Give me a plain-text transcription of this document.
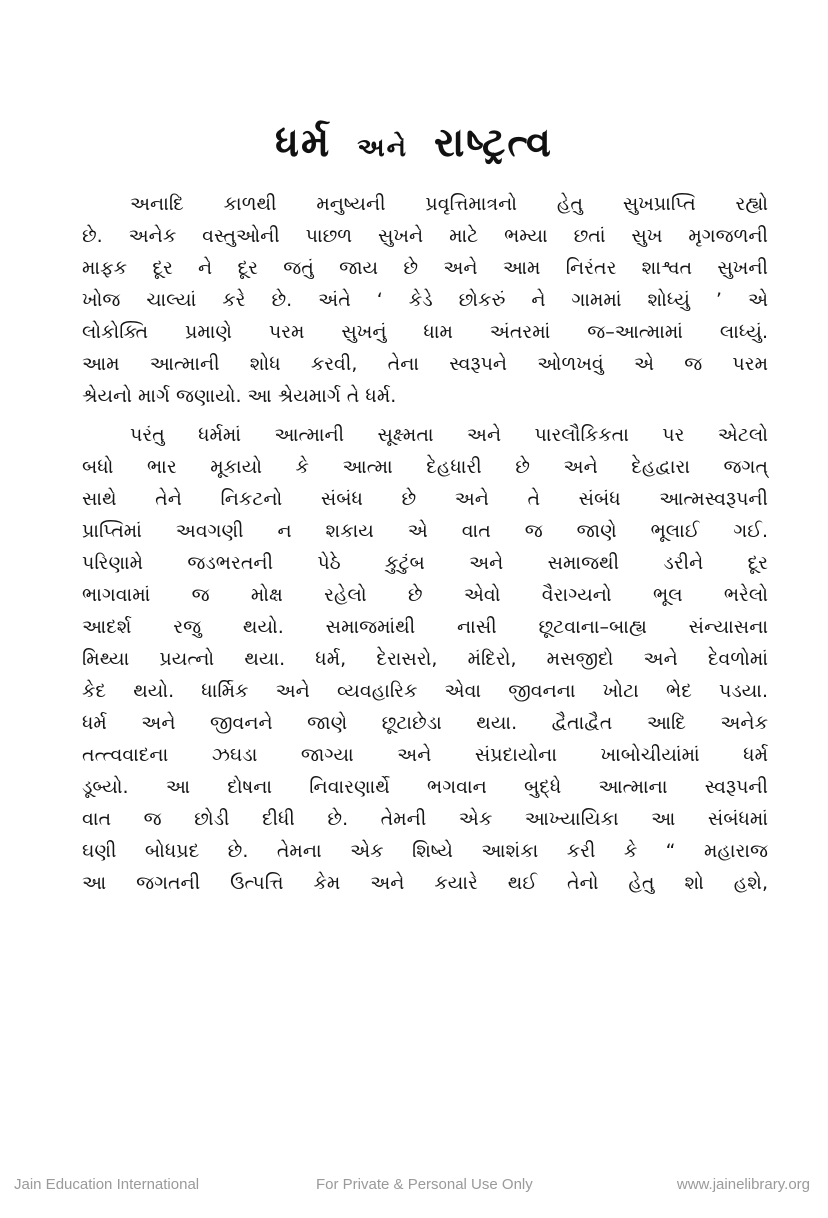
ધર્મ અને રાષ્ટ્રત્વ
અનાદિ કાળથી મનુષ્યની પ્રવૃત્તિમાત્રનો હેતુ સુખપ્રાપ્તિ રહ્યો
છે. અનેક વસ્તુઓની પાછળ સુખને માટે ભમ્યા છતાં સુખ મૃગજળની
માફક દૂર ને દૂર જતું જાય છે અને આમ નિરંતર શાશ્વત સુખની
ખોજ ચાલ્યાં કરે છે. અંતે ‘ કેડે છોકરું ને ગામમાં શોધ્યું ’ એ
લોકોક્તિ પ્રમાણે પરમ સુખનું ધામ અંતરમાં જ–આત્મામાં લાધ્યું.
આમ આત્માની શોધ કરવી, તેના સ્વરૂપને ઓળખવું એ જ પરમ
શ્રેયનો માર્ગ જણાયો. આ શ્રેયમાર્ગ તે ધર્મ.
પરંતુ ધર્મમાં આત્માની સૂક્ષ્મતા અને પારલૌકિકતા પર એટલો
બધો ભાર મૂકાયો કે આત્મા દેહધારી છે અને દેહદ્વારા જગત્
સાથે તેને નિકટનો સંબંધ છે અને તે સંબંધ આત્મસ્વરૂપની
પ્રાપ્તિમાં અવગણી ન શકાય એ વાત જ જાણે ભૂલાઈ ગઈ.
પરિણામે જડભરતની પેઠે કુટુંબ અને સમાજથી ડરીને દૂર
ભાગવામાં જ મોક્ષ રહેલો છે એવો વૈરાગ્યનો ભૂલ ભરેલો
આદર્શ રજુ થયો. સમાજમાંથી નાસી છૂટવાના–બાહ્ય સંન્યાસના
મિથ્યા પ્રયત્નો થયા. ધર્મ, દેરાસરો, મંદિરો, મસજીદો અને દેવળોમાં
કેદ થયો. ધાર્મિક અને વ્યવહારિક એવા જીવનના ખોટા ભેદ પડયા.
ધર્મ અને જીવનને જાણે છૂટાછેડા થયા. દ્વૈતાદ્વૈત આદિ અનેક
તત્ત્વવાદના ઝઘડા જાગ્યા અને સંપ્રદાયોના ખાબોચીયાંમાં ધર્મ
ડૂબ્યો. આ દોષના નિવારણાર્થે ભગવાન બુદ્ધે આત્માના સ્વરૂપની
વાત જ છોડી દીધી છે. તેમની એક આખ્યાયિકા આ સંબંધમાં
ઘણી બોધપ્રદ છે. તેમના એક શિષ્યે આશંકા કરી કે “ મહારાજ
આ જગતની ઉત્પત્તિ કેમ અને કયારે થઈ તેનો હેતુ શો હશે,
Jain Education International	For Private & Personal Use Only	www.jainelibrary.org
